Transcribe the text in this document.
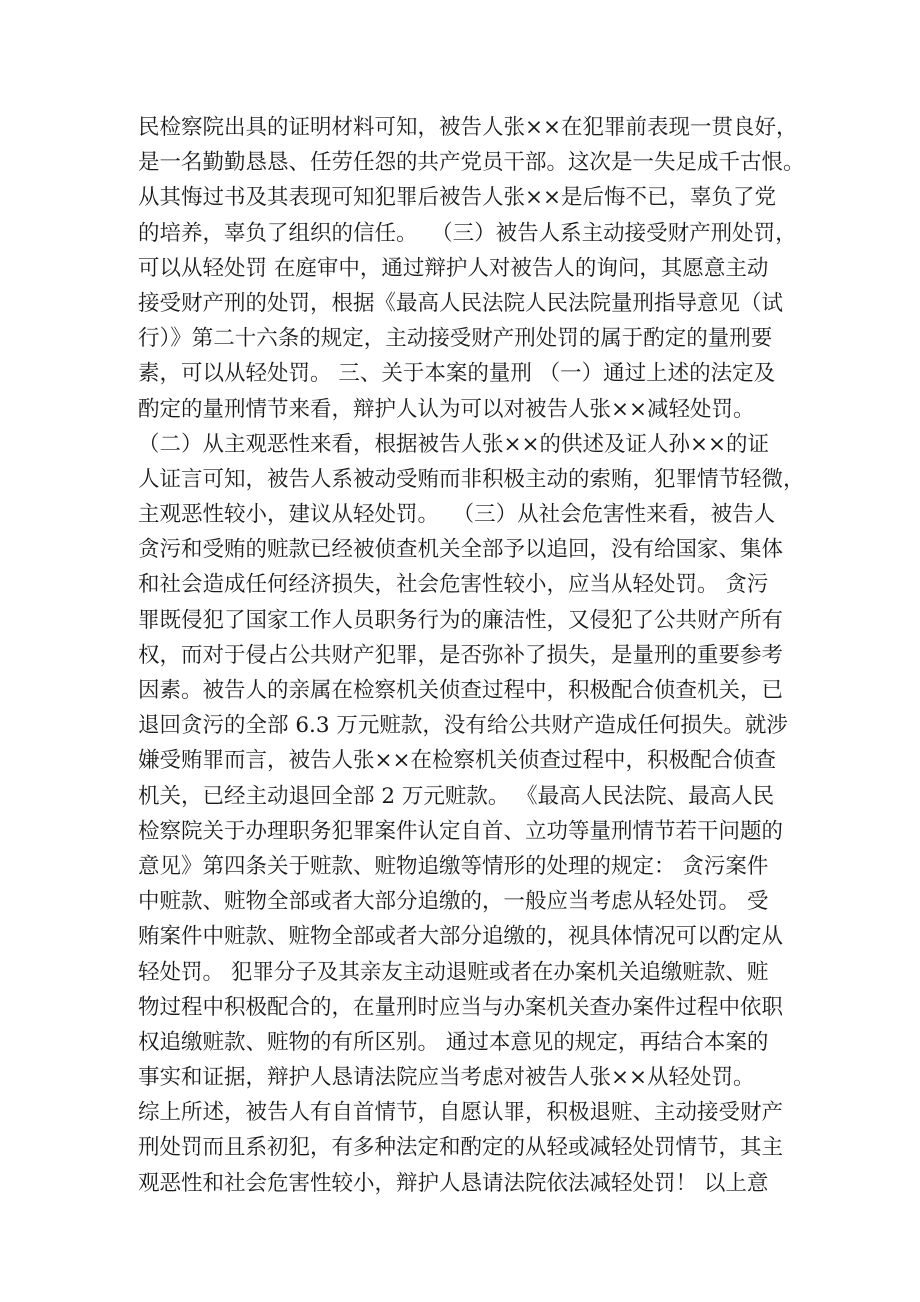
民检察院出具的证明材料可知，被告人张××在犯罪前表现一贯良好，
是一名勤勤恳恳、任劳任怨的共产党员干部。这次是一失足成千古恨。
从其悔过书及其表现可知犯罪后被告人张××是后悔不已，辜负了党
的培养，辜负了组织的信任。  （三）被告人系主动接受财产刑处罚，
可以从轻处罚 在庭审中，通过辩护人对被告人的询问，其愿意主动
接受财产刑的处罚，根据《最高人民法院人民法院量刑指导意见（试
行）》第二十六条的规定，主动接受财产刑处罚的属于酌定的量刑要
素，可以从轻处罚。 三、关于本案的量刑 （一）通过上述的法定及
酌定的量刑情节来看，辩护人认为可以对被告人张××减轻处罚。
（二）从主观恶性来看，根据被告人张××的供述及证人孙××的证
人证言可知，被告人系被动受贿而非积极主动的索贿，犯罪情节轻微，
主观恶性较小，建议从轻处罚。  （三）从社会危害性来看，被告人
贪污和受贿的赃款已经被侦查机关全部予以追回，没有给国家、集体
和社会造成任何经济损失，社会危害性较小，应当从轻处罚。 贪污
罪既侵犯了国家工作人员职务行为的廉洁性，又侵犯了公共财产所有
权，而对于侵占公共财产犯罪，是否弥补了损失，是量刑的重要参考
因素。被告人的亲属在检察机关侦查过程中，积极配合侦查机关，已
退回贪污的全部 6.3 万元赃款，没有给公共财产造成任何损失。就涉
嫌受贿罪而言，被告人张××在检察机关侦查过程中，积极配合侦查
机关，已经主动退回全部 2 万元赃款。 《最高人民法院、最高人民
检察院关于办理职务犯罪案件认定自首、立功等量刑情节若干问题的
意见》第四条关于赃款、赃物追缴等情形的处理的规定： 贪污案件
中赃款、赃物全部或者大部分追缴的，一般应当考虑从轻处罚。 受
贿案件中赃款、赃物全部或者大部分追缴的，视具体情况可以酌定从
轻处罚。 犯罪分子及其亲友主动退赃或者在办案机关追缴赃款、赃
物过程中积极配合的，在量刑时应当与办案机关查办案件过程中依职
权追缴赃款、赃物的有所区别。 通过本意见的规定，再结合本案的
事实和证据，辩护人恳请法院应当考虑对被告人张××从轻处罚。
综上所述，被告人有自首情节，自愿认罪，积极退赃、主动接受财产
刑处罚而且系初犯，有多种法定和酌定的从轻或减轻处罚情节，其主
观恶性和社会危害性较小，辩护人恳请法院依法减轻处罚！ 以上意
